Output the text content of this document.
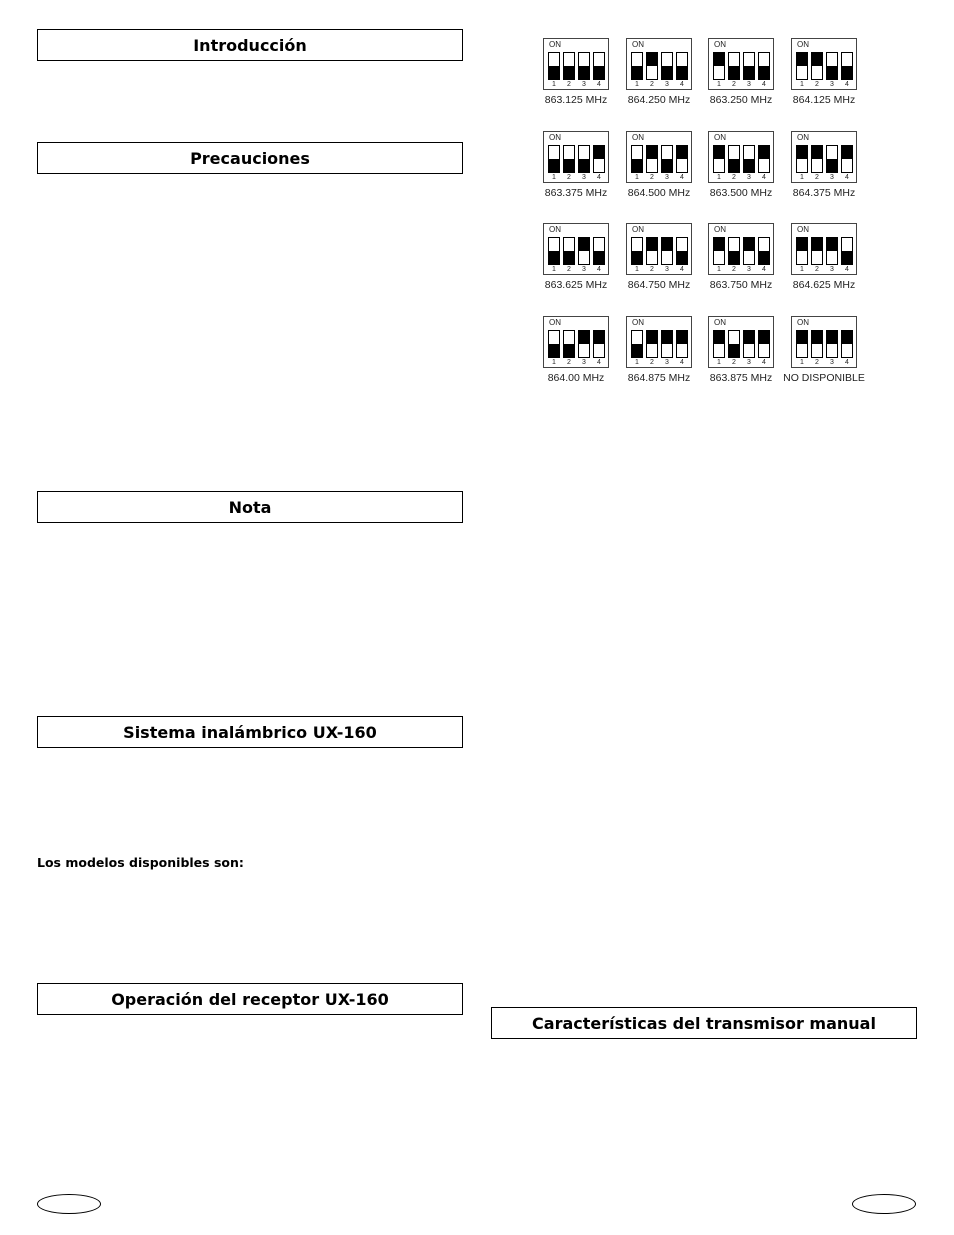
Introducción
Precauciones
Nota
Sistema inalámbrico UX-160
Los modelos disponibles son:
Operación del receptor UX-160
Características del transmisor manual
ON
1	2	3	4
863.125 MHz
ON
1	2	3	4
864.250 MHz
ON
1	2	3	4
863.250 MHz
ON
1	2	3	4
864.125 MHz
ON
1	2	3	4
863.375 MHz
ON
1	2	3	4
864.500 MHz
ON
1	2	3	4
863.500 MHz
ON
1	2	3	4
864.375 MHz
ON
1	2	3	4
863.625 MHz
ON
1	2	3	4
864.750 MHz
ON
1	2	3	4
863.750 MHz
ON
1	2	3	4
864.625 MHz
ON
1	2	3	4
864.00 MHz
ON
1	2	3	4
864.875 MHz
ON
1	2	3	4
863.875 MHz
ON
1	2	3	4
NO DISPONIBLE
